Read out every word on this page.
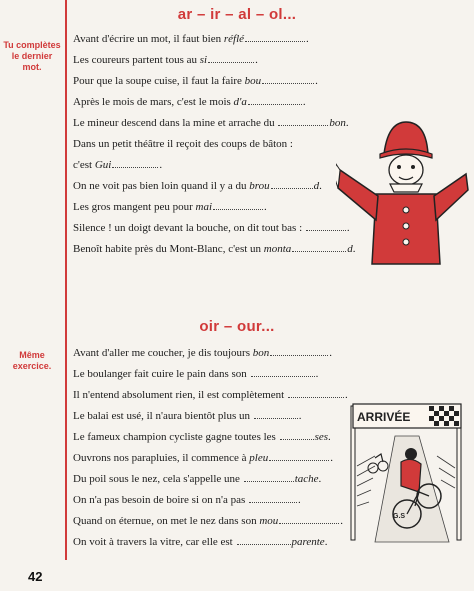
ar – ir – al – ol...
Tu complètes le dernier mot.
Avant d'écrire un mot, il faut bien réflé	.
Les coureurs partent tous au si	.
Pour que la soupe cuise, il faut la faire bou	.
Après le mois de mars, c'est le mois d'a	.
Le mineur descend dans la mine et arrache du	bon.
Dans un petit théâtre il reçoit des coups de bâton :
c'est Gui	.
On ne voit pas bien loin quand il y a du brou	d.
Les gros mangent peu pour mai	.
Silence ! un doigt devant la bouche, on dit tout bas :	.
Benoît habite près du Mont-Blanc, c'est un monta	d.
oir – our...
Même exercice.
Avant d'aller me coucher, je dis toujours bon	.
Le boulanger fait cuire le pain dans son	.
Il n'entend absolument rien, il est complètement	.
Le balai est usé, il n'aura bientôt plus un	.
Le fameux champion cycliste gagne toutes les	ses.
Ouvrons nos parapluies, il commence à pleu	.
Du poil sous le nez, cela s'appelle une	tache.
On n'a pas besoin de boire si on n'a pas	.
Quand on éternue, on met le nez dans son mou	.
On voit à travers la vitre, car elle est	parente.
ARRIVÉE
G.S
42
